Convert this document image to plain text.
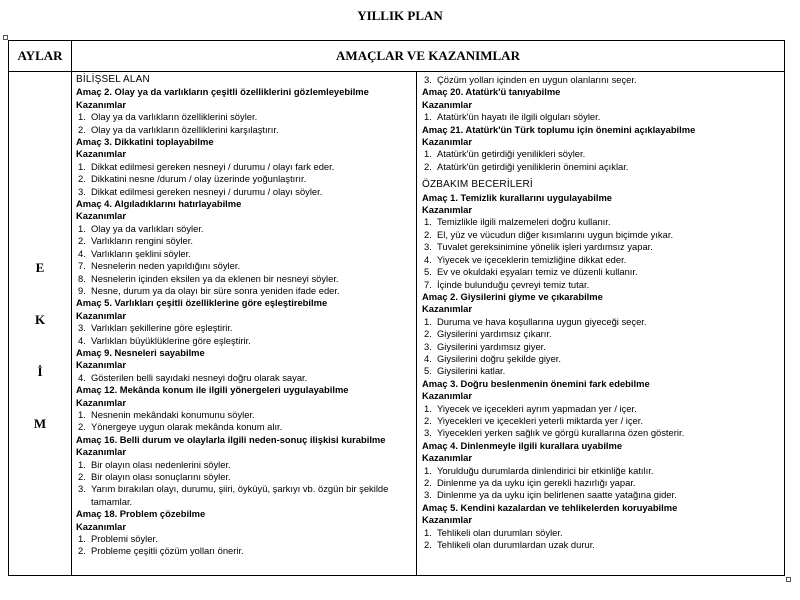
YILLIK PLAN
AYLAR	AMAÇLAR VE KAZANIMLAR
E
K
İ
M
BİLİŞSEL ALAN
Amaç 2. Olay ya da varlıkların çeşitli özelliklerini gözlemleyebilme
Kazanımlar
1. Olay ya da varlıkların özelliklerini söyler.
2. Olay ya da varlıkların özelliklerini karşılaştırır.
Amaç 3. Dikkatini toplayabilme
Kazanımlar
1. Dikkat edilmesi gereken nesneyi / durumu / olayı fark eder.
2. Dikkatini nesne /durum / olay üzerinde yoğunlaştırır.
3. Dikkat edilmesi gereken nesneyi / durumu / olayı söyler.
Amaç 4. Algıladıklarını hatırlayabilme
Kazanımlar
1. Olay ya da varlıkları söyler.
2. Varlıkların rengini söyler.
4. Varlıkların şeklini söyler.
7. Nesnelerin neden yapıldığını söyler.
8. Nesnelerin içinden eksilen ya da eklenen bir nesneyi söyler.
9. Nesne, durum ya da olayı bir süre sonra yeniden ifade eder.
Amaç 5. Varlıkları çeşitli özelliklerine göre eşleştirebilme
Kazanımlar
3. Varlıkları şekillerine göre eşleştirir.
4. Varlıkları büyüklüklerine göre eşleştirir.
Amaç 9. Nesneleri sayabilme
Kazanımlar
4. Gösterilen belli sayıdaki nesneyi doğru olarak sayar.
Amaç 12. Mekânda konum ile ilgili yönergeleri uygulayabilme
Kazanımlar
1. Nesnenin mekândaki konumunu söyler.
2. Yönergeye uygun olarak mekânda konum alır.
Amaç 16. Belli durum ve olaylarla ilgili neden-sonuç ilişkisi kurabilme
Kazanımlar
1. Bir olayın olası nedenlerini söyler.
2. Bir olayın olası sonuçlarını söyler.
3. Yarım bırakılan olayı, durumu, şiiri, öyküyü, şarkıyı vb. özgün bir şekilde
tamamlar.
Amaç 18. Problem çözebilme
Kazanımlar
1. Problemi söyler.
2. Probleme çeşitli çözüm yolları önerir.
3. Çözüm yolları içinden en uygun olanlarını seçer.
Amaç 20. Atatürk'ü tanıyabilme
Kazanımlar
1. Atatürk'ün hayatı ile ilgili olguları söyler.
Amaç 21. Atatürk'ün Türk toplumu için önemini açıklayabilme
Kazanımlar
1. Atatürk'ün getirdiği yenilikleri söyler.
2. Atatürk'ün getirdiği yeniliklerin önemini açıklar.
ÖZBAKIM BECERİLERİ
Amaç 1. Temizlik kurallarını uygulayabilme
Kazanımlar
1. Temizlikle ilgili malzemeleri doğru kullanır.
2. El, yüz ve vücudun diğer kısımlarını uygun biçimde yıkar.
3. Tuvalet gereksinimine yönelik işleri yardımsız yapar.
4. Yiyecek ve içeceklerin temizliğine dikkat eder.
5. Ev ve okuldaki eşyaları temiz ve düzenli kullanır.
7. İçinde bulunduğu çevreyi temiz tutar.
Amaç 2. Giysilerini giyme ve çıkarabilme
Kazanımlar
1. Duruma ve hava koşullarına uygun giyeceği seçer.
2. Giysilerini yardımsız çıkarır.
3. Giysilerini yardımsız giyer.
4. Giysilerini doğru şekilde giyer.
5. Giysilerini katlar.
Amaç 3. Doğru beslenmenin önemini fark edebilme
Kazanımlar
1. Yiyecek ve içecekleri ayrım yapmadan yer / içer.
2. Yiyecekleri ve içecekleri yeterli miktarda yer / içer.
3. Yiyecekleri yerken sağlık ve görgü kurallarına özen gösterir.
Amaç 4. Dinlenmeyle ilgili kurallara uyabilme
Kazanımlar
1. Yorulduğu durumlarda dinlendirici bir etkinliğe katılır.
2. Dinlenme ya da uyku için gerekli hazırlığı yapar.
3. Dinlenme ya da uyku için belirlenen saatte yatağına gider.
Amaç 5. Kendini kazalardan ve tehlikelerden koruyabilme
Kazanımlar
1. Tehlikeli olan durumları söyler.
2. Tehlikeli olan durumlardan uzak durur.
